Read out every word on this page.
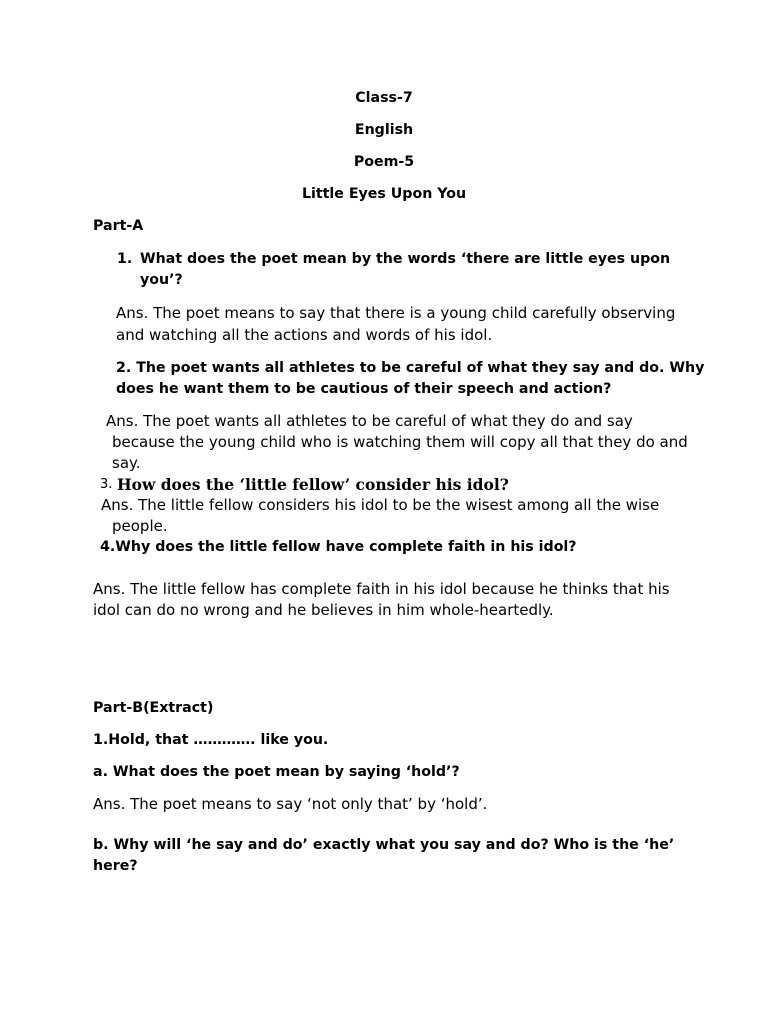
Class-7

English

Poem-5

Little Eyes Upon You

Part-A

1. What does the poet mean by the words ‘there are little eyes upon

you’?

Ans. The poet means to say that there is a young child carefully observing

and watching all the actions and words of his idol.

2. The poet wants all athletes to be careful of what they say and do. Why

does he want them to be cautious of their speech and action?

Ans. The poet wants all athletes to be careful of what they do and say

because the young child who is watching them will copy all that they do and

say.

3. How does the ‘little fellow’ consider his idol?

Ans. The little fellow considers his idol to be the wisest among all the wise

people.

4.Why does the little fellow have complete faith in his idol?

Ans. The little fellow has complete faith in his idol because he thinks that his

idol can do no wrong and he believes in him whole-heartedly.

Part-B(Extract)

1.Hold, that …………. like you.

a. What does the poet mean by saying ‘hold’?

Ans. The poet means to say ‘not only that’ by ‘hold’.

b. Why will ‘he say and do’ exactly what you say and do? Who is the ‘he’

here?
